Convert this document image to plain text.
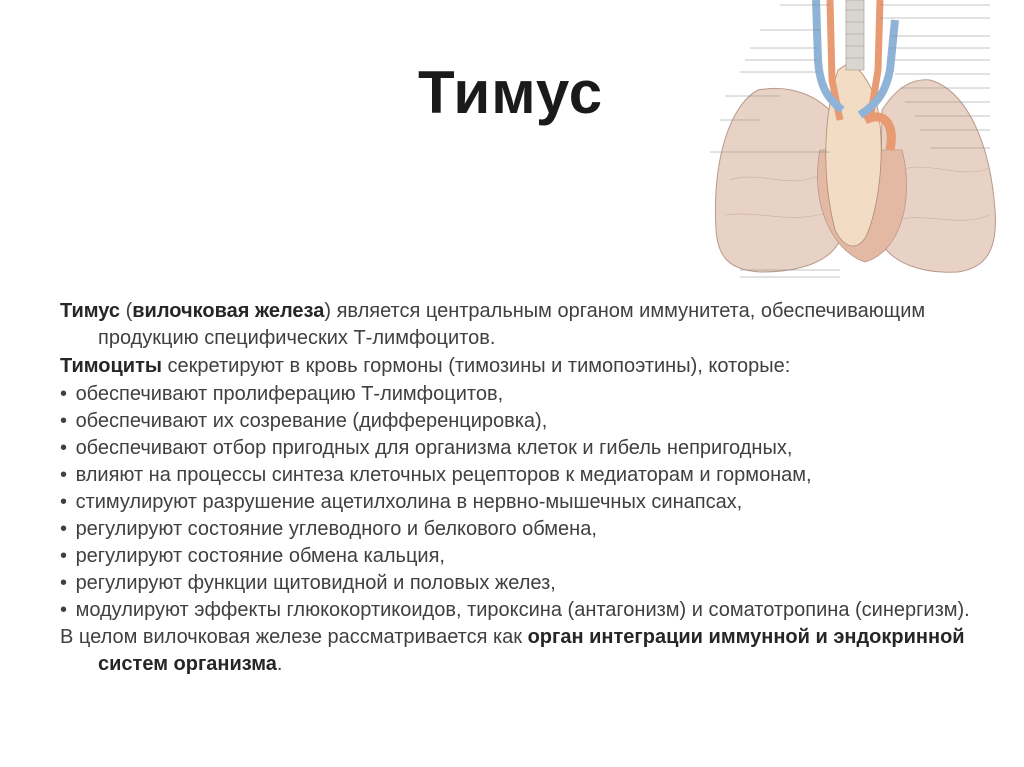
Тимус

Тимус (вилочковая железа) является центральным органом иммунитета, обеспечивающим продукцию специфических Т-лимфоцитов.

Тимоциты секретируют в кровь гормоны (тимозины и тимопоэтины), которые:

• обеспечивают пролиферацию Т-лимфоцитов,

• обеспечивают их созревание (дифференцировка),

• обеспечивают отбор пригодных для организма клеток и гибель непригодных,

• влияют на процессы синтеза клеточных рецепторов к медиаторам и гормонам,

• стимулируют разрушение ацетилхолина в нервно-мышечных синапсах,

• регулируют состояние углеводного и белкового обмена,

• регулируют состояние обмена кальция,

• регулируют функции щитовидной и половых желез,

• модулируют эффекты глюкокортикоидов, тироксина (антагонизм) и соматотропина (синергизм).

В целом вилочковая железе рассматривается как орган интеграции иммунной и эндокринной систем организма.
